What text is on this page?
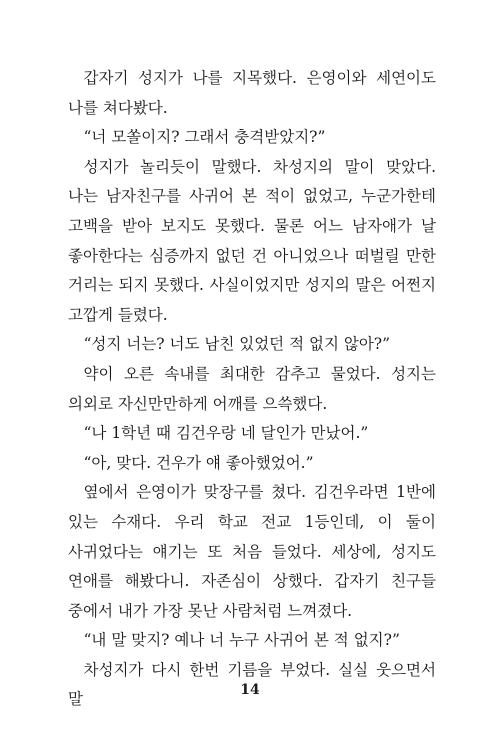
갑자기 성지가 나를 지목했다. 은영이와 세연이도 나를 쳐다봤다.

“너 모쏠이지? 그래서 충격받았지?”

성지가 놀리듯이 말했다. 차성지의 말이 맞았다. 나는 남자친구를 사귀어 본 적이 없었고, 누군가한테 고백을 받아 보지도 못했다. 물론 어느 남자애가 날 좋아한다는 심증까지 없던 건 아니었으나 떠벌릴 만한 거리는 되지 못했다. 사실이었지만 성지의 말은 어쩐지 고깝게 들렸다.

“성지 너는? 너도 남친 있었던 적 없지 않아?”

약이 오른 속내를 최대한 감추고 물었다. 성지는 의외로 자신만만하게 어깨를 으쓱했다.

“나 1학년 때 김건우랑 네 달인가 만났어.”

“아, 맞다. 건우가 얘 좋아했었어.”

옆에서 은영이가 맞장구를 쳤다. 김건우라면 1반에 있는 수재다. 우리 학교 전교 1등인데, 이 둘이 사귀었다는 얘기는 또 처음 들었다. 세상에, 성지도 연애를 해봤다니. 자존심이 상했다. 갑자기 친구들 중에서 내가 가장 못난 사람처럼 느껴졌다.

“내 말 맞지? 예나 너 누구 사귀어 본 적 없지?”

차성지가 다시 한번 기름을 부었다. 실실 웃으면서 말

14
